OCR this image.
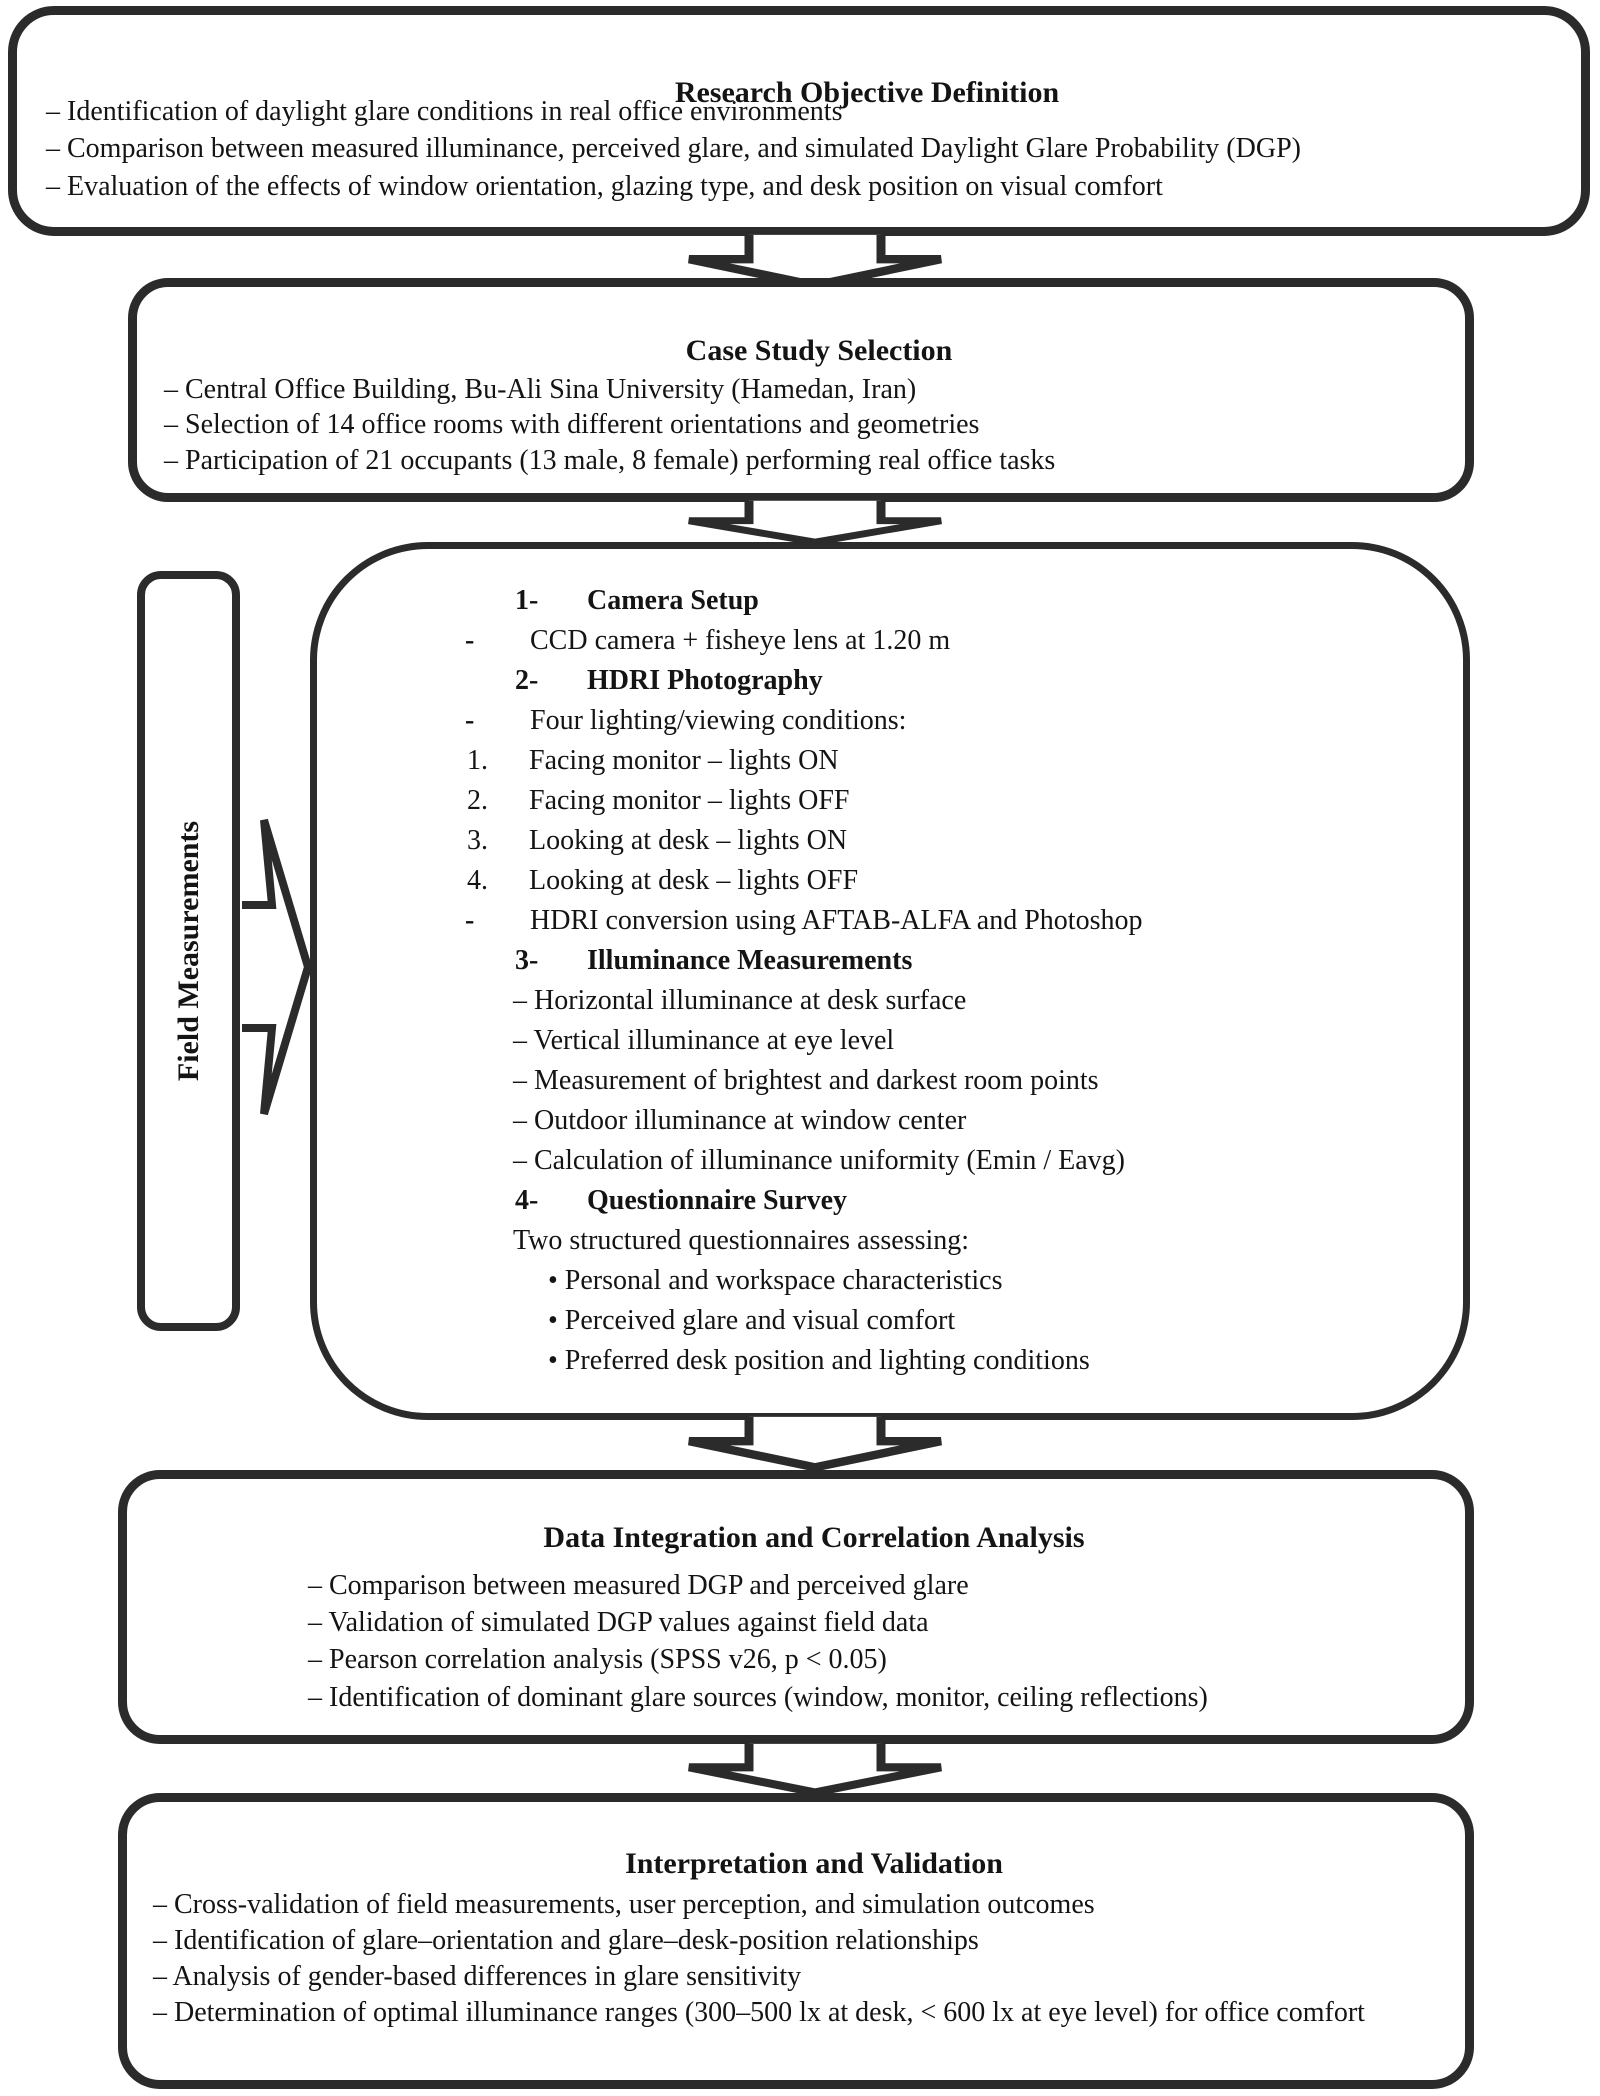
Research Objective Definition
– Identification of daylight glare conditions in real office environments
– Comparison between measured illuminance, perceived glare, and simulated Daylight Glare Probability (DGP)
– Evaluation of the effects of window orientation, glazing type, and desk position on visual comfort
Case Study Selection
– Central Office Building, Bu-Ali Sina University (Hamedan, Iran)
– Selection of 14 office rooms with different orientations and geometries
– Participation of 21 occupants (13 male, 8 female) performing real office tasks
1- Camera Setup
- CCD camera + fisheye lens at 1.20 m
2- HDRI Photography
- Four lighting/viewing conditions:
1. Facing monitor – lights ON
2. Facing monitor – lights OFF
3. Looking at desk – lights ON
4. Looking at desk – lights OFF
- HDRI conversion using AFTAB-ALFA and Photoshop
3- Illuminance Measurements
– Horizontal illuminance at desk surface
– Vertical illuminance at eye level
– Measurement of brightest and darkest room points
– Outdoor illuminance at window center
– Calculation of illuminance uniformity (Emin / Eavg)
4- Questionnaire Survey
Two structured questionnaires assessing:
• Personal and workspace characteristics
• Perceived glare and visual comfort
• Preferred desk position and lighting conditions
Field Measurements
Data Integration and Correlation Analysis
– Comparison between measured DGP and perceived glare
– Validation of simulated DGP values against field data
– Pearson correlation analysis (SPSS v26, p < 0.05)
– Identification of dominant glare sources (window, monitor, ceiling reflections)
Interpretation and Validation
– Cross-validation of field measurements, user perception, and simulation outcomes
– Identification of glare–orientation and glare–desk-position relationships
– Analysis of gender-based differences in glare sensitivity
– Determination of optimal illuminance ranges (300–500 lx at desk, < 600 lx at eye level) for office comfort
